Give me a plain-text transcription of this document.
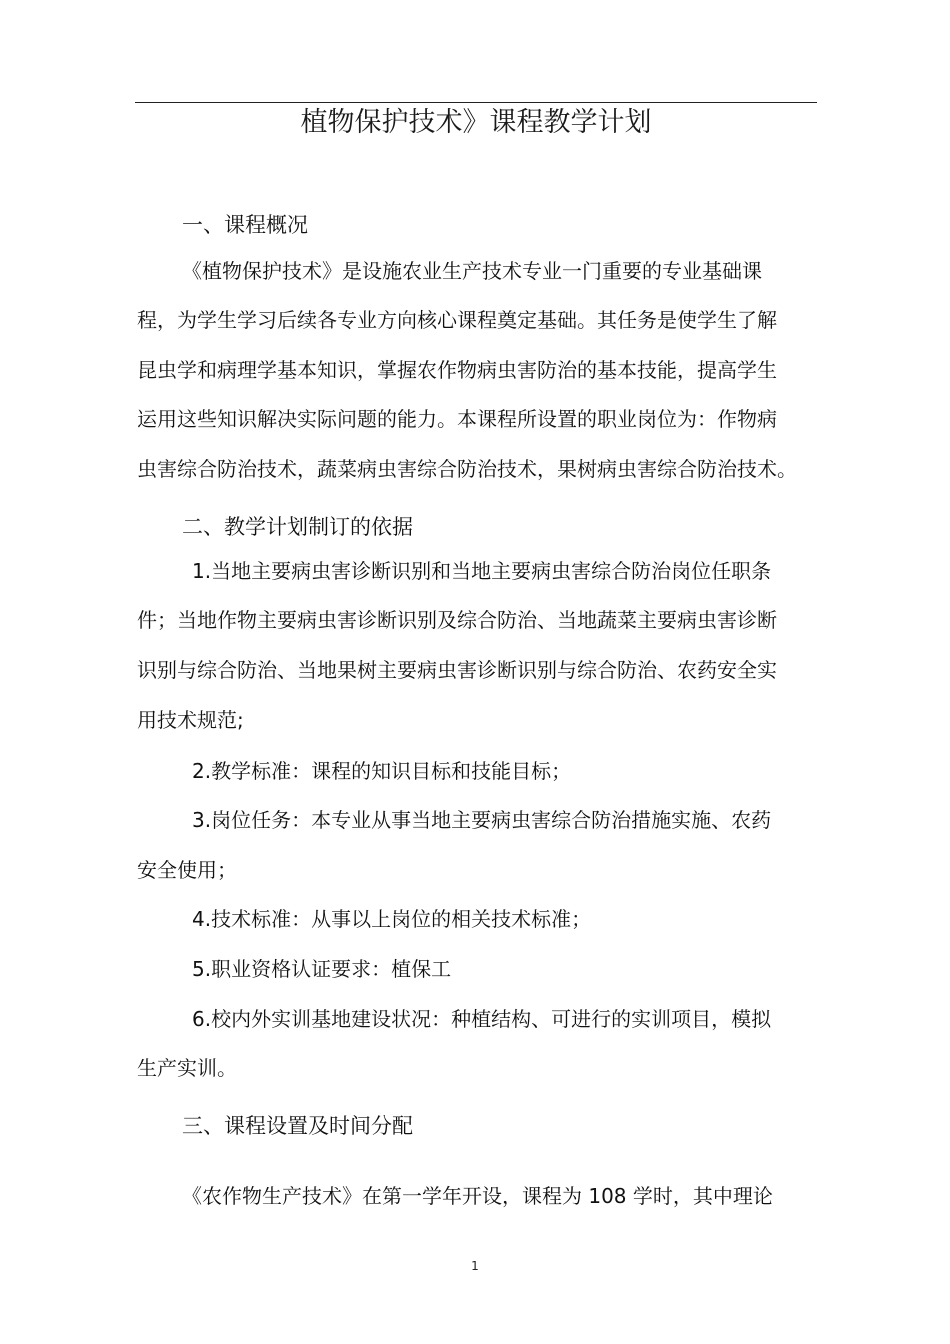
植物保护技术》课程教学计划
一、课程概况
《植物保护技术》是设施农业生产技术专业一门重要的专业基础课
程，为学生学习后续各专业方向核心课程奠定基础。其任务是使学生了解
昆虫学和病理学基本知识，掌握农作物病虫害防治的基本技能，提高学生
运用这些知识解决实际问题的能力。本课程所设置的职业岗位为：作物病
虫害综合防治技术，蔬菜病虫害综合防治技术，果树病虫害综合防治技术。
二、教学计划制订的依据
1.当地主要病虫害诊断识别和当地主要病虫害综合防治岗位任职条
件；当地作物主要病虫害诊断识别及综合防治、当地蔬菜主要病虫害诊断
识别与综合防治、当地果树主要病虫害诊断识别与综合防治、农药安全实
用技术规范;
2.教学标准：课程的知识目标和技能目标；
3.岗位任务：本专业从事当地主要病虫害综合防治措施实施、农药
安全使用；
4.技术标准：从事以上岗位的相关技术标准；
5.职业资格认证要求：植保工
6.校内外实训基地建设状况：种植结构、可进行的实训项目，模拟
生产实训。
三、课程设置及时间分配
《农作物生产技术》在第一学年开设，课程为 108 学时，其中理论
1
